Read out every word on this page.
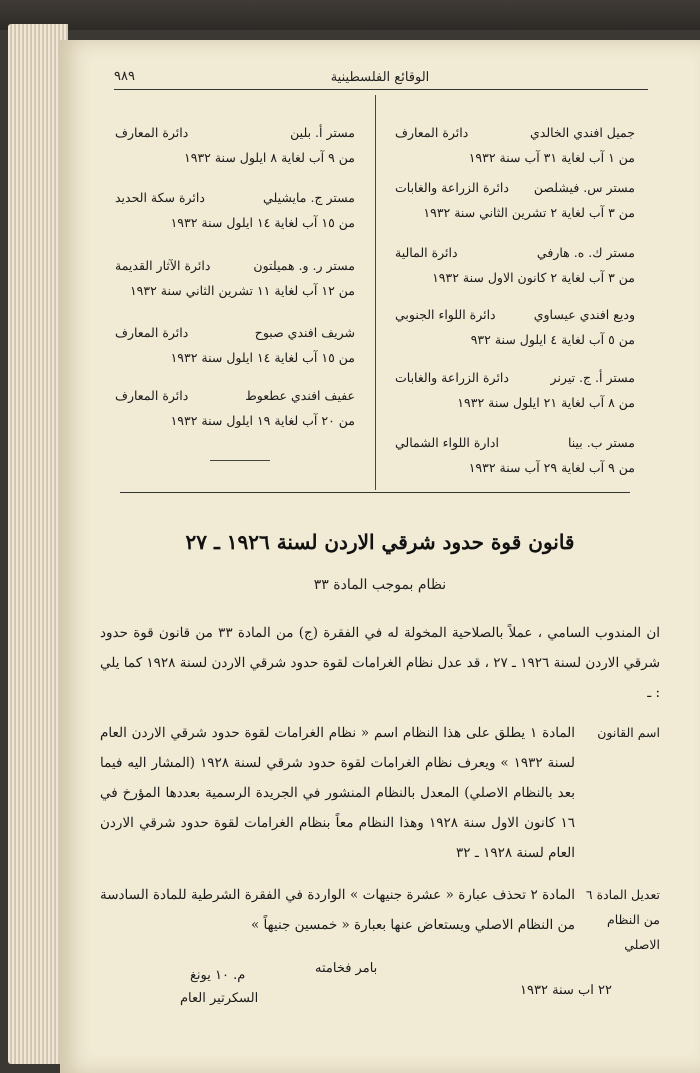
الوقائع الفلسطينية
٩٨٩
جميل افندي الخالدي
دائرة المعارف
من ١ آب لغاية ٣١ آب سنة ١٩٣٢
مستر س. فيشلصن
دائرة الزراعة والغابات
من ٣ آب لغاية ٢ تشرين الثاني سنة ١٩٣٢
مستر ك. ه. هارفي
دائرة المالية
من ٣ آب لغاية ٢ كانون الاول سنة ١٩٣٢
وديع افندي عيساوي
دائرة اللواء الجنوبي
من ٥ آب لغاية ٤ ايلول سنة ٩٣٢
مستر أ. ج. تيرنر
دائرة الزراعة والغابات
من ٨ آب لغاية ٢١ ايلول سنة ١٩٣٢
مستر ب. بينا
ادارة اللواء الشمالي
من ٩ آب لغاية ٢٩ آب سنة ١٩٣٢
مستر أ. بلين
دائرة المعارف
من ٩ آب لغاية ٨ ايلول سنة ١٩٣٢
مستر ج. مايشيلي
دائرة سكة الحديد
من ١٥ آب لغاية ١٤ ايلول سنة ١٩٣٢
مستر ر. و. هميلتون
دائرة الآثار القديمة
من ١٢ آب لغاية ١١ تشرين الثاني سنة ١٩٣٢
شريف افندي صبوح
دائرة المعارف
من ١٥ آب لغاية ١٤ ايلول سنة ١٩٣٢
عفيف افندي عطعوط
دائرة المعارف
من ٢٠ آب لغاية ١٩ ايلول سنة ١٩٣٢
قانون قوة حدود شرقي الاردن لسنة ١٩٢٦ ـ ٢٧
نظام بموجب المادة ٣٣
ان المندوب السامي ، عملاً بالصلاحية المخولة له في الفقرة (ج) من المادة ٣٣ من قانون قوة حدود شرقي الاردن لسنة ١٩٢٦ ـ ٢٧ ، قد عدل نظام الغرامات لقوة حدود شرقي الاردن لسنة ١٩٢٨ كما يلي : ـ
المادة ١ يطلق على هذا النظام اسم « نظام الغرامات لقوة حدود شرقي الاردن العام لسنة ١٩٣٢ » ويعرف نظام الغرامات لقوة حدود شرقي لسنة ١٩٢٨ (المشار اليه فيما بعد بالنظام الاصلي) المعدل بالنظام المنشور في الجريدة الرسمية بعددها المؤرخ في ١٦ كانون الاول سنة ١٩٢٨ وهذا النظام معاً بنظام الغرامات لقوة حدود شرقي الاردن العام لسنة ١٩٢٨ ـ ٣٢
اسم القانون
المادة ٢ تحذف عبارة « عشرة جنيهات » الواردة في الفقرة الشرطية للمادة السادسة من النظام الاصلي ويستعاض عنها بعبارة « خمسين جنيهاً »
تعديل المادة ٦ من النظام الاصلي
بامر فخامته
٢٢ اب سنة ١٩٣٢
م. ١٠ يونغ
السكرتير العام
